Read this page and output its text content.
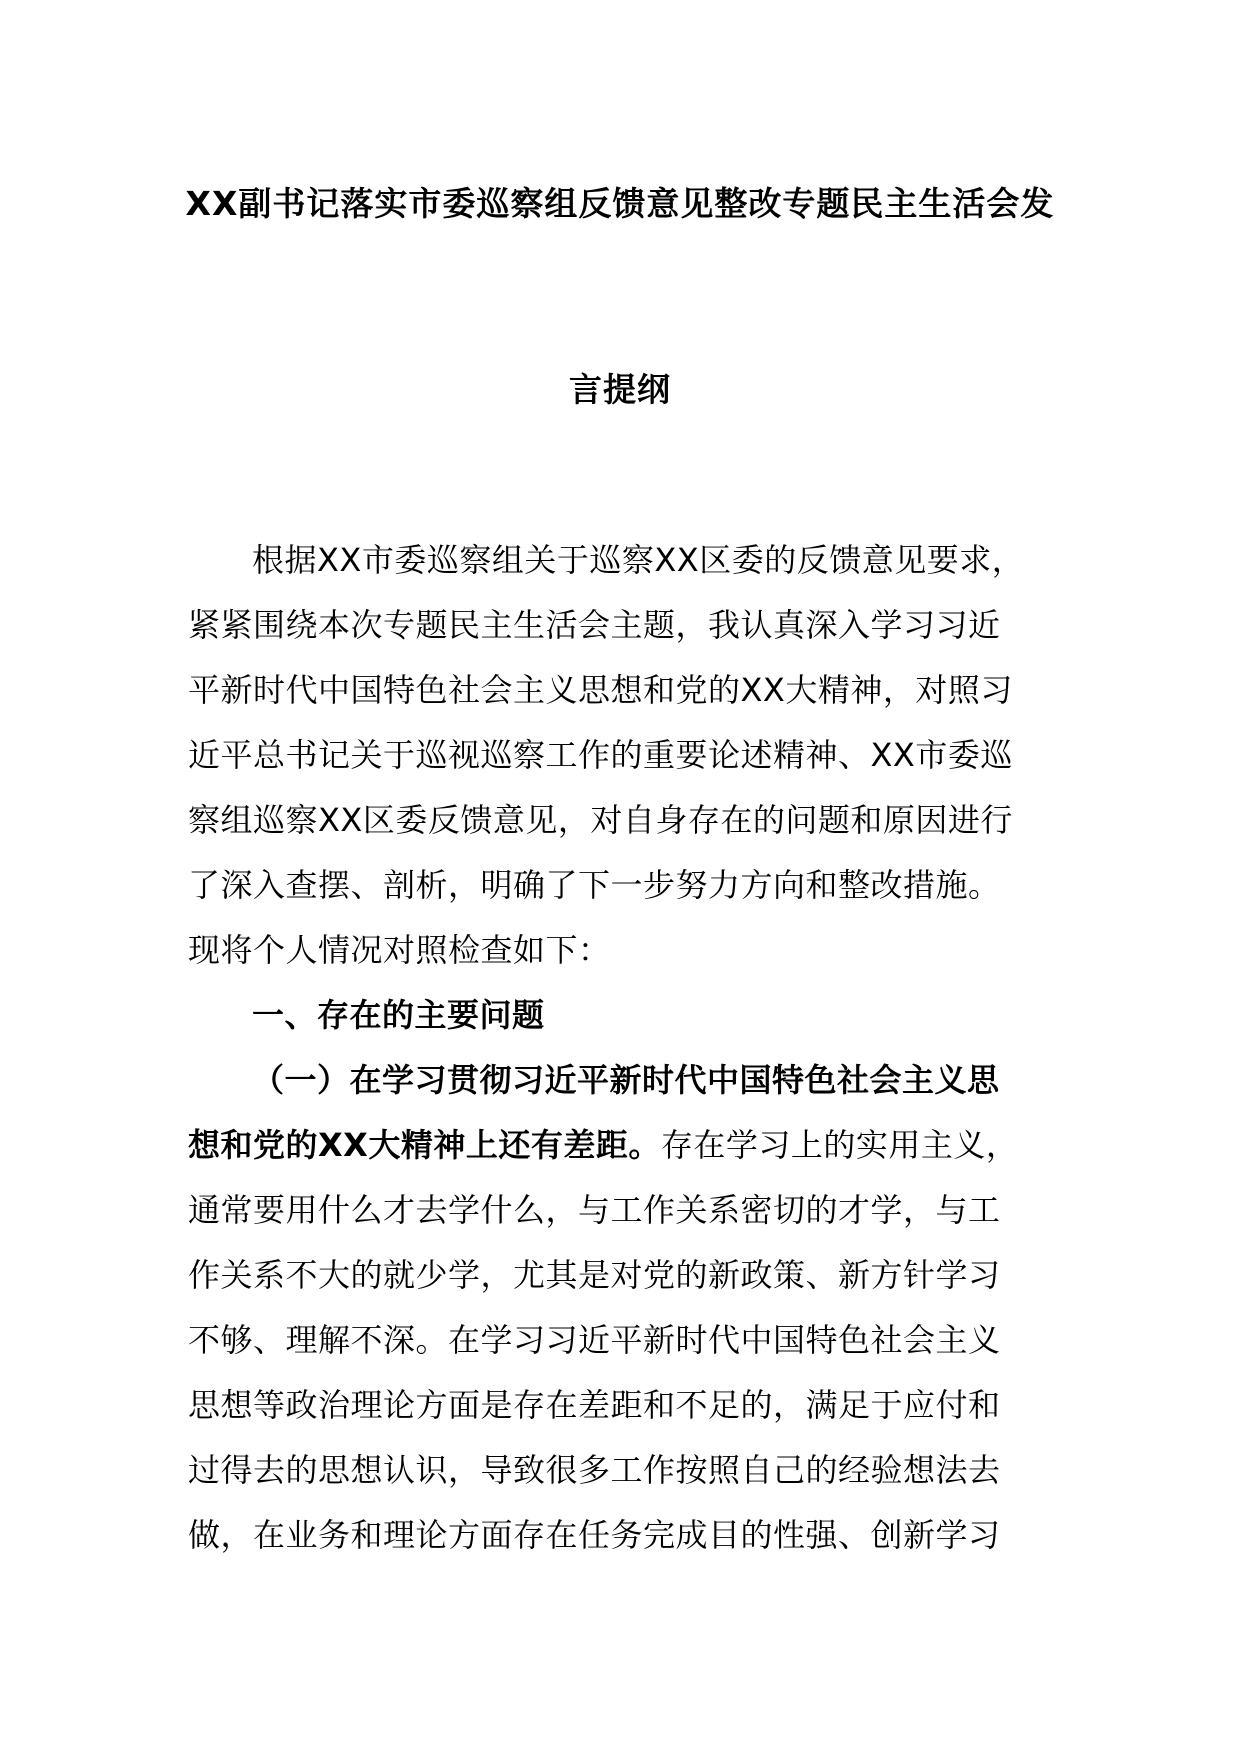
XX副书记落实市委巡察组反馈意见整改专题民主生活会发
言提纲
根据XX市委巡察组关于巡察XX区委的反馈意见要求，
紧紧围绕本次专题民主生活会主题，我认真深入学习习近
平新时代中国特色社会主义思想和党的XX大精神，对照习
近平总书记关于巡视巡察工作的重要论述精神、XX市委巡
察组巡察XX区委反馈意见，对自身存在的问题和原因进行
了深入查摆、剖析，明确了下一步努力方向和整改措施。
现将个人情况对照检查如下：
一、存在的主要问题
（一）在学习贯彻习近平新时代中国特色社会主义思
想和党的XX大精神上还有差距。存在学习上的实用主义，
通常要用什么才去学什么，与工作关系密切的才学，与工
作关系不大的就少学，尤其是对党的新政策、新方针学习
不够、理解不深。在学习习近平新时代中国特色社会主义
思想等政治理论方面是存在差距和不足的，满足于应付和
过得去的思想认识，导致很多工作按照自己的经验想法去
做，在业务和理论方面存在任务完成目的性强、创新学习
